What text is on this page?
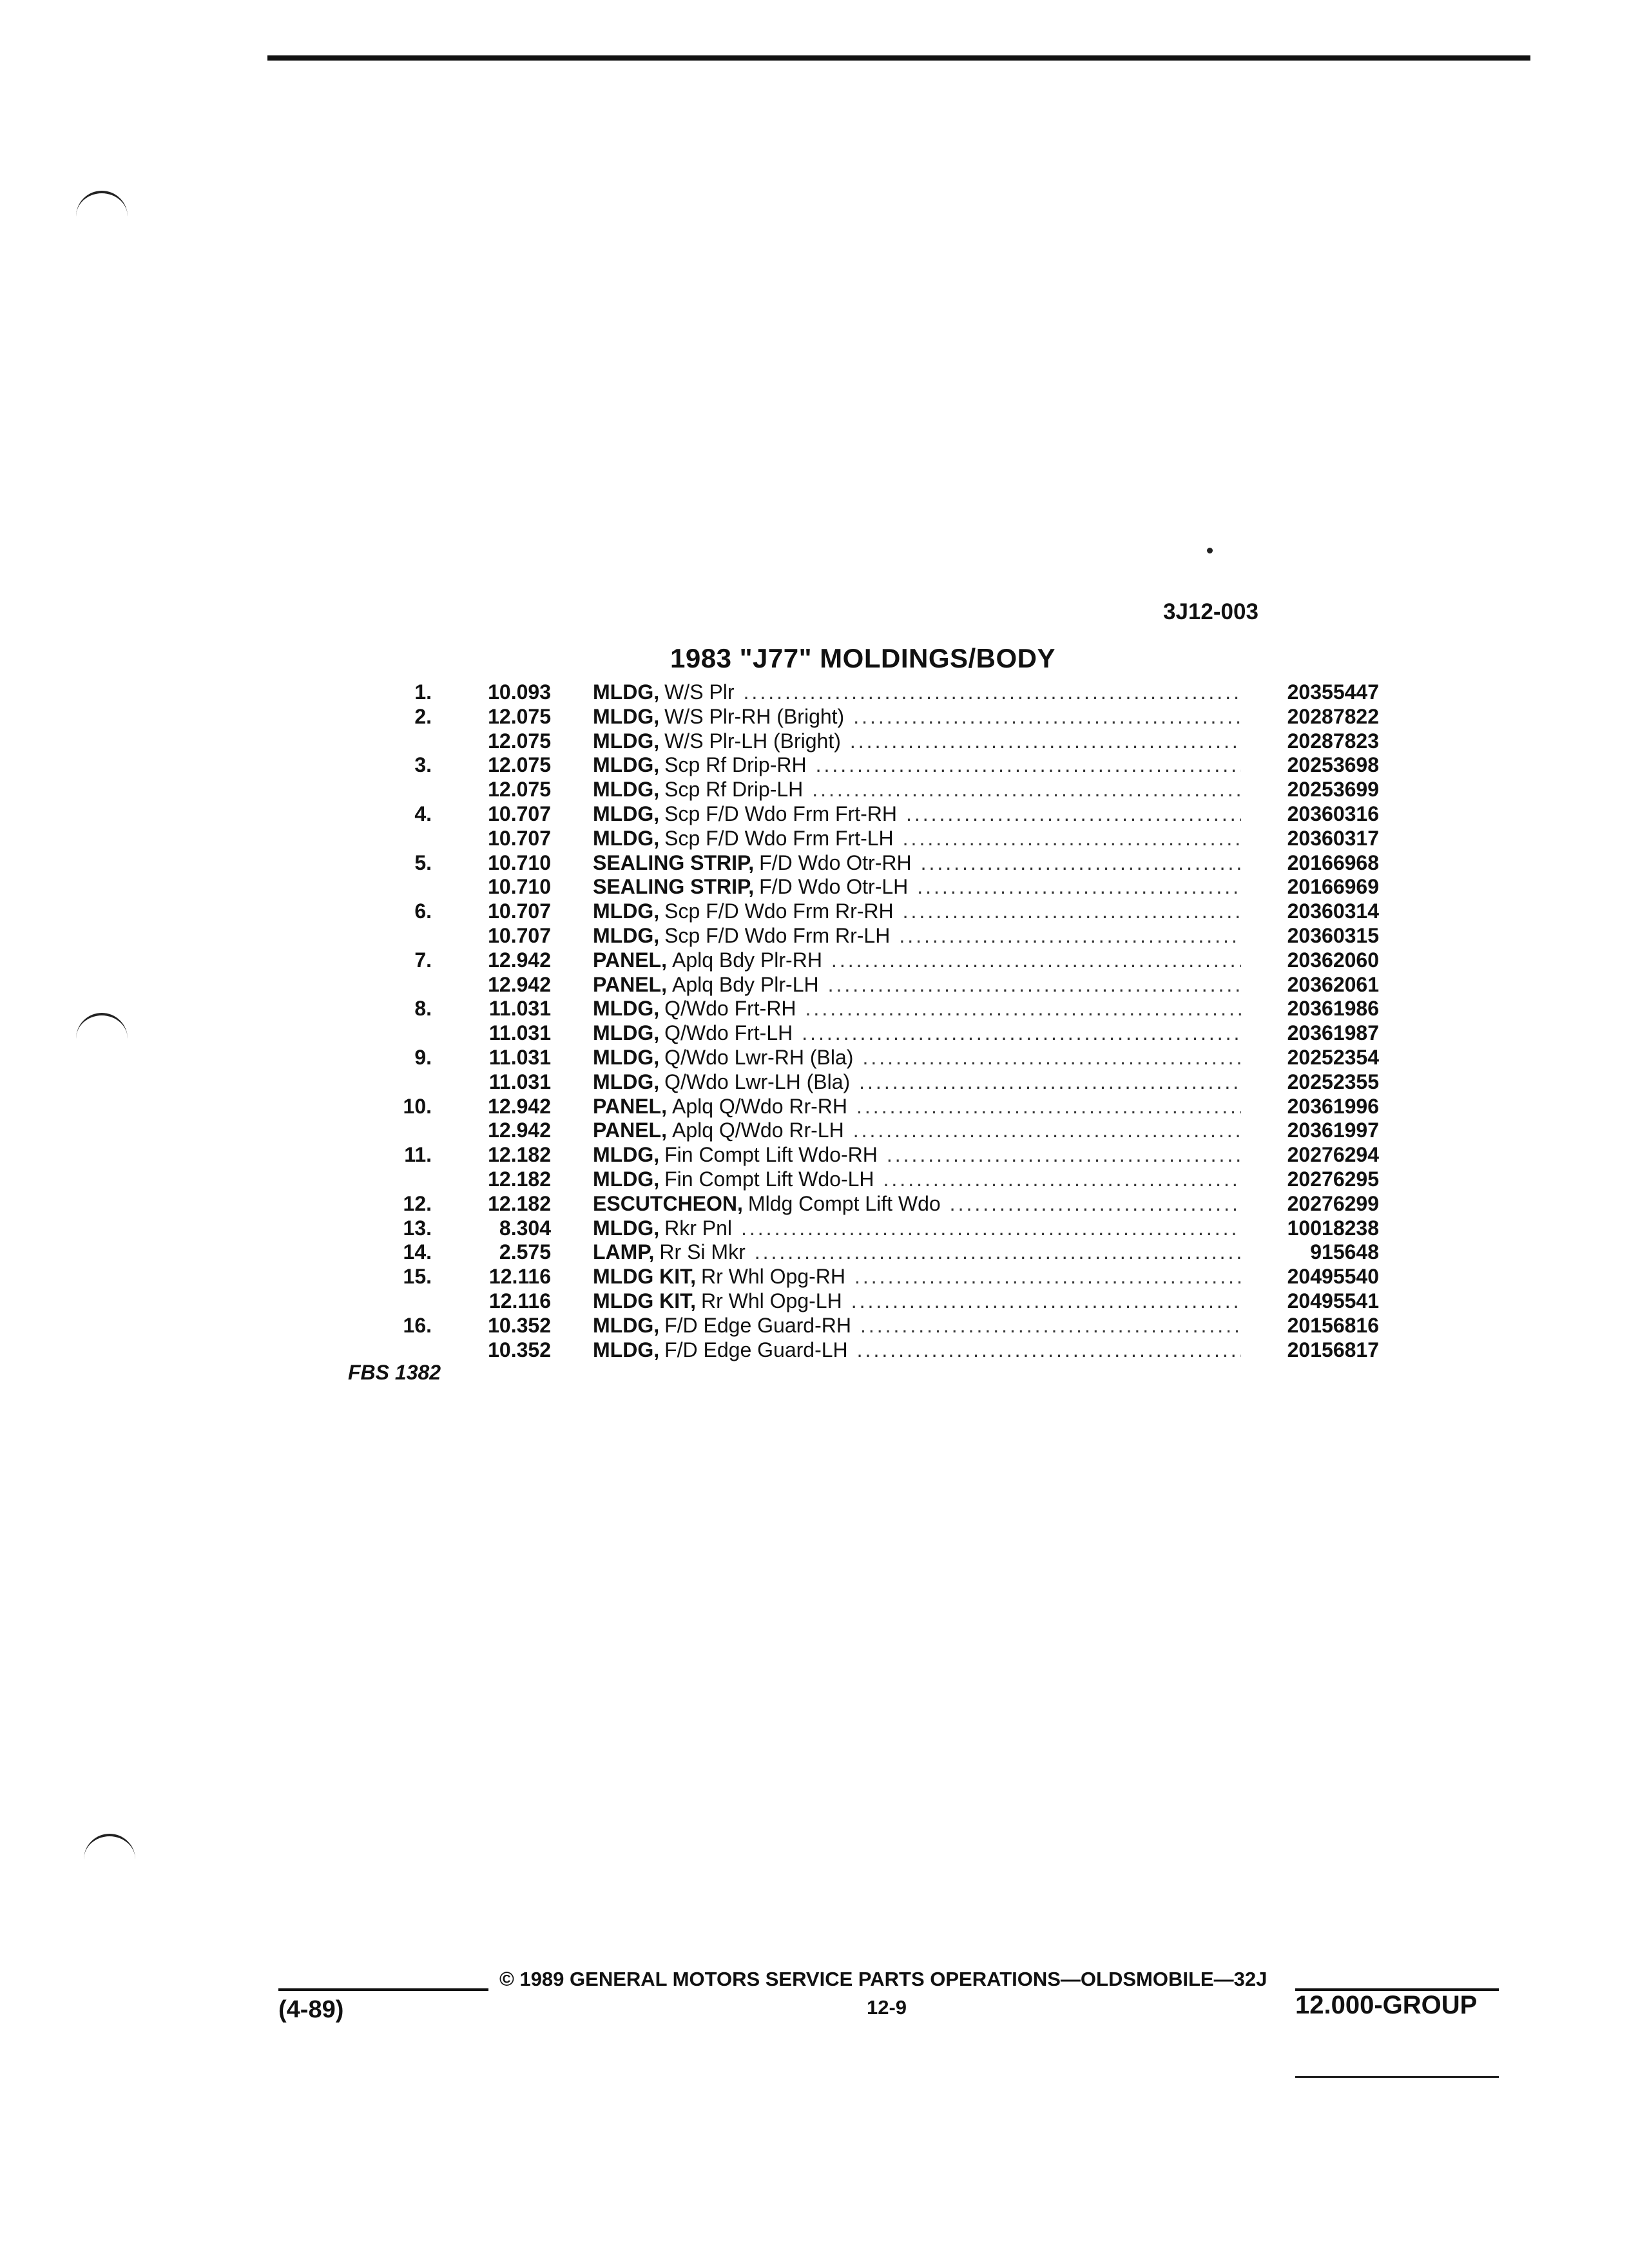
3J12-003
1983 "J77" MOLDINGS/BODY
1.	10.093 MLDG, W/S Plr .....	20355447
2.	12.075 MLDG, W/S Plr-RH (Bright) .....	20287822
12.075 MLDG, W/S Plr-LH (Bright) .....	20287823
3.	12.075 MLDG, Scp Rf Drip-RH .....	20253698
12.075 MLDG, Scp Rf Drip-LH .....	20253699
4.	10.707 MLDG, Scp F/D Wdo Frm Frt-RH .....	20360316
10.707 MLDG, Scp F/D Wdo Frm Frt-LH .....	20360317
5.	10.710 SEALING STRIP, F/D Wdo Otr-RH .....	20166968
10.710 SEALING STRIP, F/D Wdo Otr-LH .....	20166969
6.	10.707 MLDG, Scp F/D Wdo Frm Rr-RH .....	20360314
10.707 MLDG, Scp F/D Wdo Frm Rr-LH .....	20360315
7.	12.942 PANEL, Aplq Bdy Plr-RH .....	20362060
12.942 PANEL, Aplq Bdy Plr-LH .....	20362061
8.	11.031 MLDG, Q/Wdo Frt-RH .....	20361986
11.031 MLDG, Q/Wdo Frt-LH .....	20361987
9.	11.031 MLDG, Q/Wdo Lwr-RH (Bla) .....	20252354
11.031 MLDG, Q/Wdo Lwr-LH (Bla) .....	20252355
10.	12.942 PANEL, Aplq Q/Wdo Rr-RH .....	20361996
12.942 PANEL, Aplq Q/Wdo Rr-LH .....	20361997
11.	12.182 MLDG, Fin Compt Lift Wdo-RH .....	20276294
12.182 MLDG, Fin Compt Lift Wdo-LH .....	20276295
12.	12.182 ESCUTCHEON, Mldg Compt Lift Wdo .....	20276299
13.	8.304 MLDG, Rkr Pnl .....	10018238
14.	2.575 LAMP, Rr Si Mkr .....	915648
15.	12.116 MLDG KIT, Rr Whl Opg-RH .....	20495540
12.116 MLDG KIT, Rr Whl Opg-LH .....	20495541
16.	10.352 MLDG, F/D Edge Guard-RH .....	20156816
10.352 MLDG, F/D Edge Guard-LH .....	20156817
FBS 1382
© 1989 GENERAL MOTORS SERVICE PARTS OPERATIONS—OLDSMOBILE—32J
(4-89)	12-9	12.000-GROUP
